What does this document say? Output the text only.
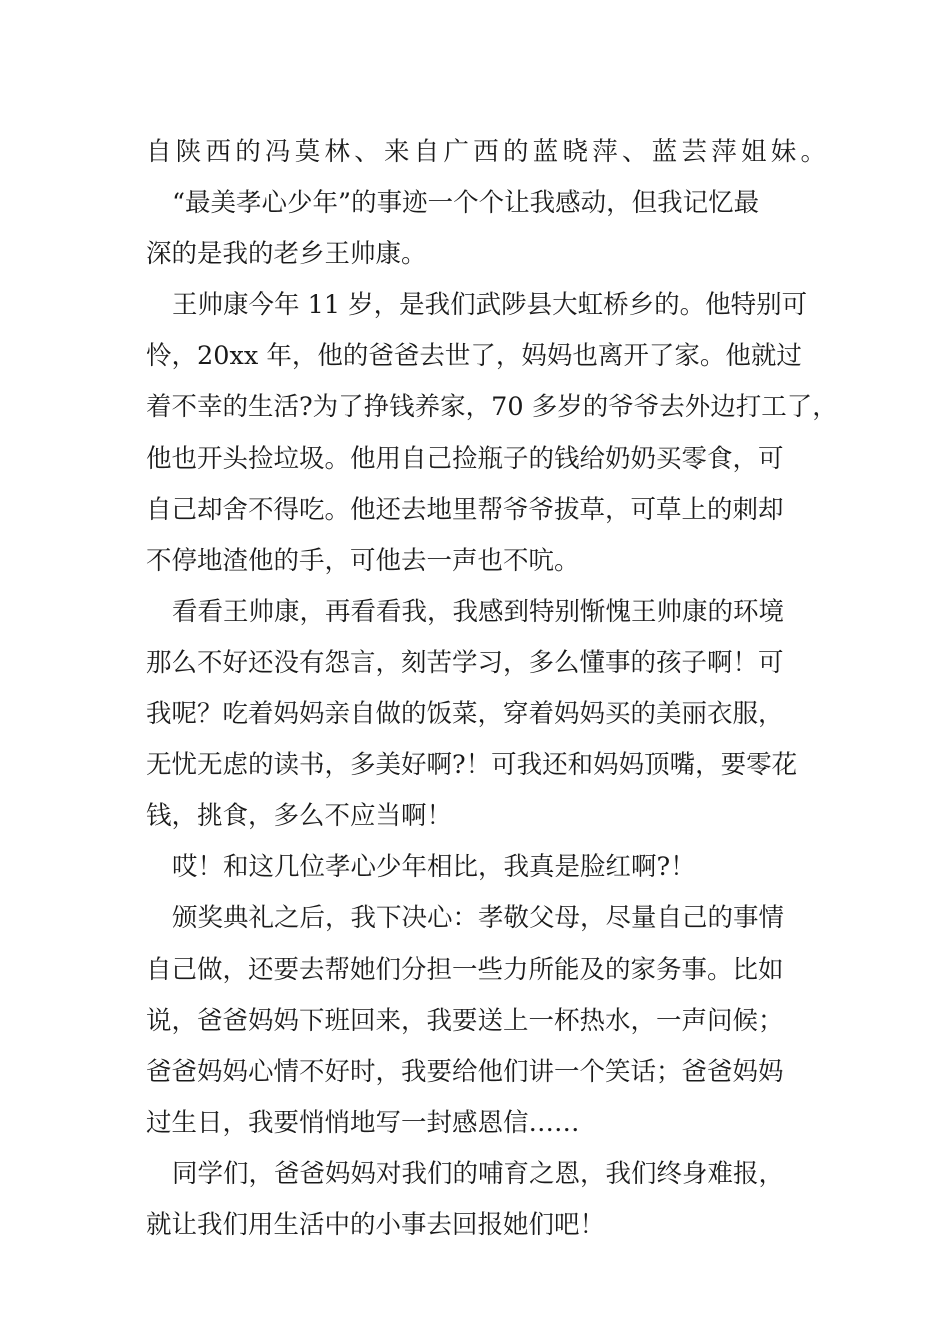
自陕西的冯莫林、来自广西的蓝晓萍、蓝芸萍姐妹。
“最美孝心少年”的事迹一个个让我感动，但我记忆最
深的是我的老乡王帅康。
王帅康今年 11 岁，是我们武陟县大虹桥乡的。他特别可
怜，20xx 年，他的爸爸去世了，妈妈也离开了家。他就过
着不幸的生活?为了挣钱养家，70 多岁的爷爷去外边打工了，
他也开头捡垃圾。他用自己捡瓶子的钱给奶奶买零食，可
自己却舍不得吃。他还去地里帮爷爷拔草，可草上的刺却
不停地渣他的手，可他去一声也不吭。
看看王帅康，再看看我，我感到特别惭愧王帅康的环境
那么不好还没有怨言，刻苦学习，多么懂事的孩子啊！可
我呢？吃着妈妈亲自做的饭菜，穿着妈妈买的美丽衣服，
无忧无虑的读书，多美好啊?！可我还和妈妈顶嘴，要零花
钱，挑食，多么不应当啊！
哎！和这几位孝心少年相比，我真是脸红啊?！
颁奖典礼之后，我下决心：孝敬父母，尽量自己的事情
自己做，还要去帮她们分担一些力所能及的家务事。比如
说，爸爸妈妈下班回来，我要送上一杯热水，一声问候；
爸爸妈妈心情不好时，我要给他们讲一个笑话；爸爸妈妈
过生日，我要悄悄地写一封感恩信……
同学们，爸爸妈妈对我们的哺育之恩，我们终身难报，
就让我们用生活中的小事去回报她们吧！
